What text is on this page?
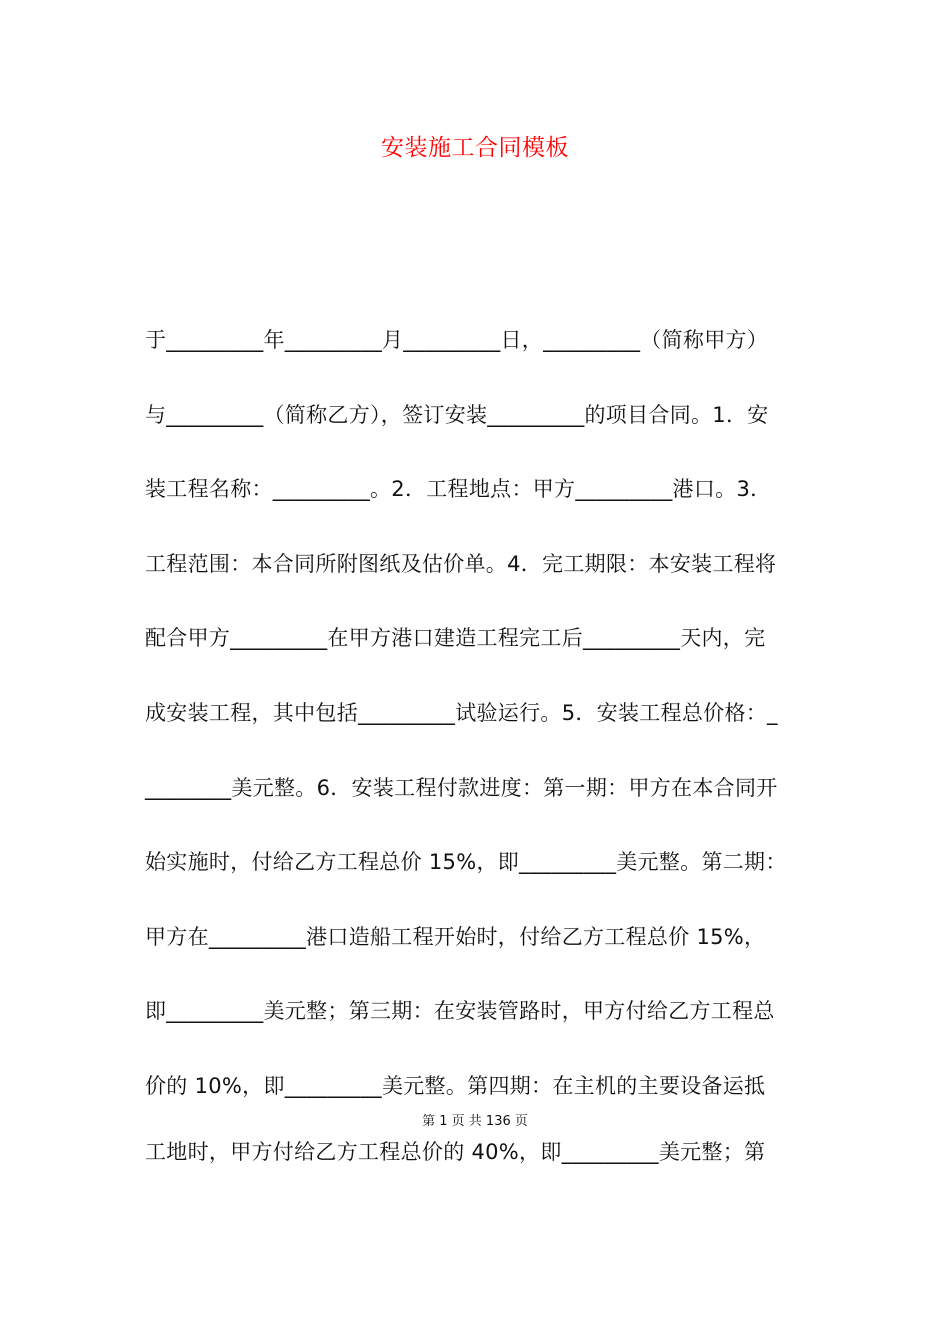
安装施工合同模板
于_________年_________月_________日，_________（简称甲方）
与_________（简称乙方），签订安装_________的项目合同。1．安
装工程名称：_________。2．工程地点：甲方_________港口。3．
工程范围：本合同所附图纸及估价单。4．完工期限：本安装工程将
配合甲方_________在甲方港口建造工程完工后_________天内，完
成安装工程，其中包括_________试验运行。5．安装工程总价格：_
________美元整。6．安装工程付款进度：第一期：甲方在本合同开
始实施时，付给乙方工程总价 15%，即_________美元整。第二期：
甲方在_________港口造船工程开始时，付给乙方工程总价 15%，
即_________美元整；第三期：在安装管路时，甲方付给乙方工程总
价的 10%，即_________美元整。第四期：在主机的主要设备运抵
第 1 页 共 136 页
工地时，甲方付给乙方工程总价的 40%，即_________美元整；第
